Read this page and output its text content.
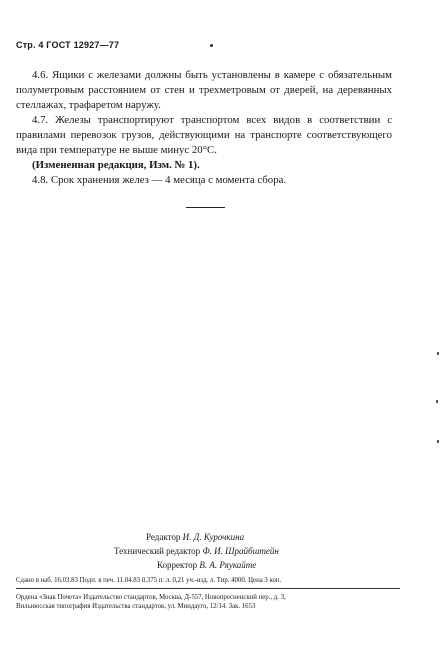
Стр. 4 ГОСТ 12927—77

4.6. Ящики с железами должны быть установлены в камере с обязательным полуметровым расстоянием от стен и трехметровым от дверей, на деревянных стеллажах, трафаретом наружу.

4.7. Железы транспортируют транспортом всех видов в соответствии с правилами перевозок грузов, действующими на транспорте соответствующего вида при температуре не выше минус 20°C.

(Измененная редакция, Изм. № 1).

4.8. Срок хранения желез — 4 месяца с момента сбора.

Редактор И. Д. Курочкина
Технический редактор Ф. И. Шрайбштейн
Корректор В. А. Ряукайте
Сдано в наб. 16.03.83 Подп. в печ. 11.04.83 0,375 п. л. 0,21 уч.-изд. л. Тир. 4000. Цена 3 коп.
Ордена «Знак Почета» Издательство стандартов, Москва, Д-557, Новопресненский пер., д. 3,
Вильнюсская типография Издательства стандартов, ул. Миндауго, 12/14. Зак. 1653
